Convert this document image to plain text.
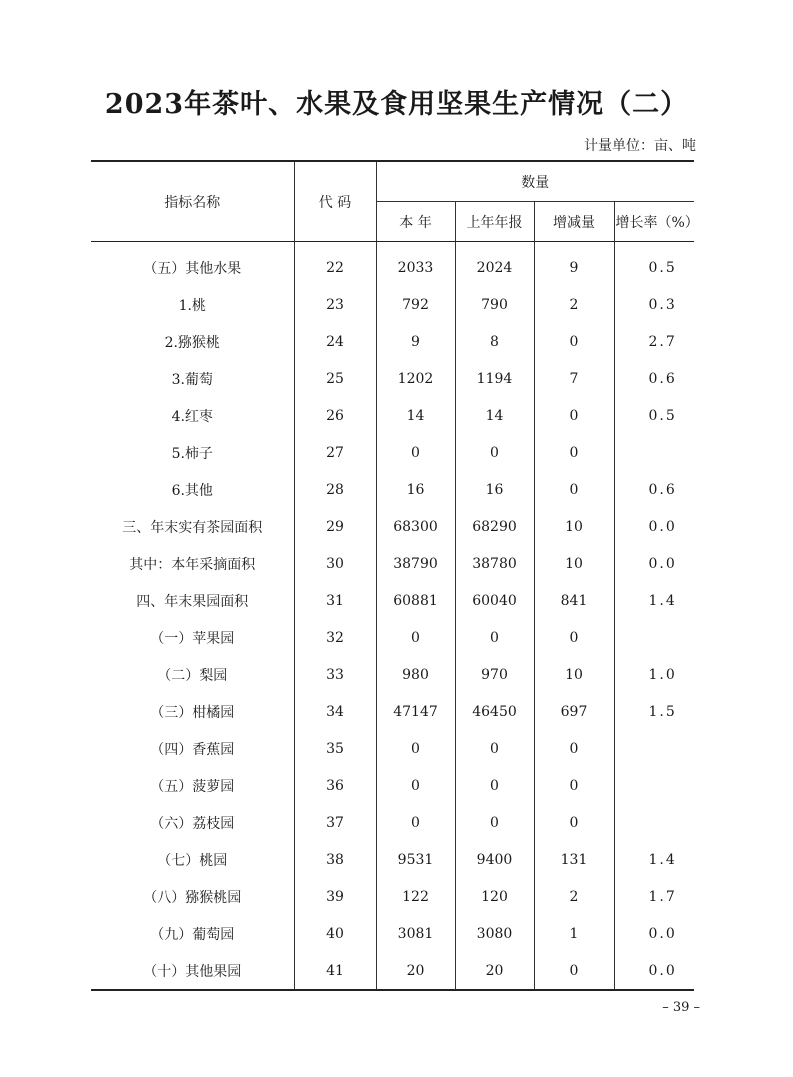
2023年茶叶、水果及食用坚果生产情况（二）
计量单位：亩、吨
指标名称	代 码	数量			
		本 年	上年年报	增减量	增长率（%）
（五）其他水果	22	2033	2024	9	0.5
1.桃	23	792	790	2	0.3
2.猕猴桃	24	9	8	0	2.7
3.葡萄	25	1202	1194	7	0.6
4.红枣	26	14	14	0	0.5
5.柿子	27	0	0	0	
6.其他	28	16	16	0	0.6
三、年末实有茶园面积	29	68300	68290	10	0.0
其中：本年采摘面积	30	38790	38780	10	0.0
四、年末果园面积	31	60881	60040	841	1.4
（一）苹果园	32	0	0	0	
（二）梨园	33	980	970	10	1.0
（三）柑橘园	34	47147	46450	697	1.5
（四）香蕉园	35	0	0	0	
（五）菠萝园	36	0	0	0	
（六）荔枝园	37	0	0	0	
（七）桃园	38	9531	9400	131	1.4
（八）猕猴桃园	39	122	120	2	1.7
（九）葡萄园	40	3081	3080	1	0.0
（十）其他果园	41	20	20	0	0.0
– 39 –
